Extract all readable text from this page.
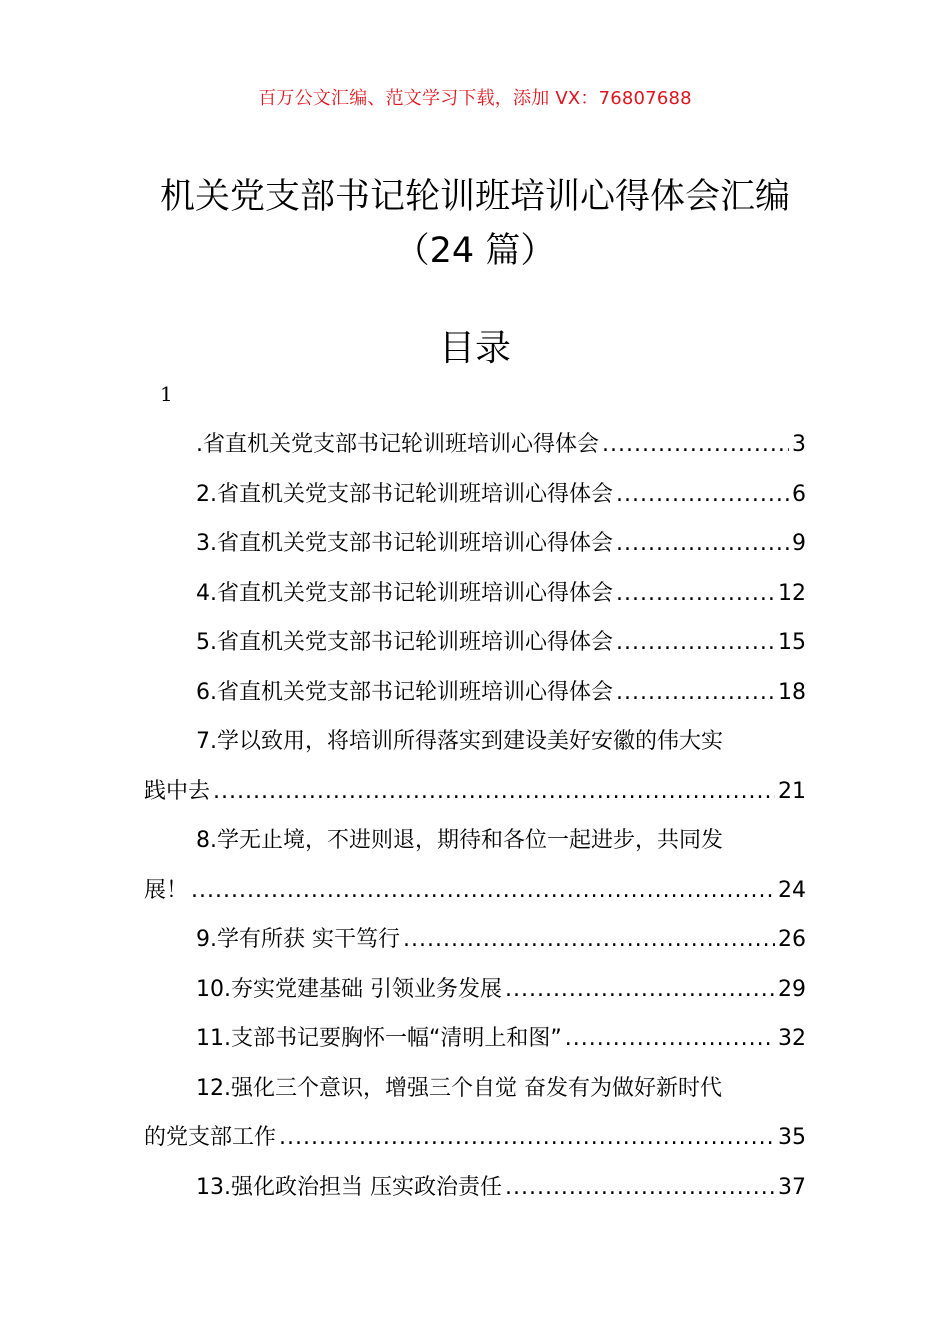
百万公文汇编、范文学习下载，添加 VX：76807688
机关党支部书记轮训班培训心得体会汇编
（24 篇）
目录
1
.省直机关党支部书记轮训班培训心得体会 .....	3
2.省直机关党支部书记轮训班培训心得体会 .....	6
3.省直机关党支部书记轮训班培训心得体会 .....	9
4.省直机关党支部书记轮训班培训心得体会 .....	12
5.省直机关党支部书记轮训班培训心得体会 .....	15
6.省直机关党支部书记轮训班培训心得体会 .....	18
7.学以致用，将培训所得落实到建设美好安徽的伟大实
践中去 .....	21
8.学无止境，不进则退，期待和各位一起进步，共同发
展！ .....	24
9.学有所获 实干笃行 .....	26
10.夯实党建基础 引领业务发展 .....	29
11.支部书记要胸怀一幅“清明上和图” .....	32
12.强化三个意识，增强三个自觉 奋发有为做好新时代
的党支部工作 .....	35
13.强化政治担当 压实政治责任 .....	37
